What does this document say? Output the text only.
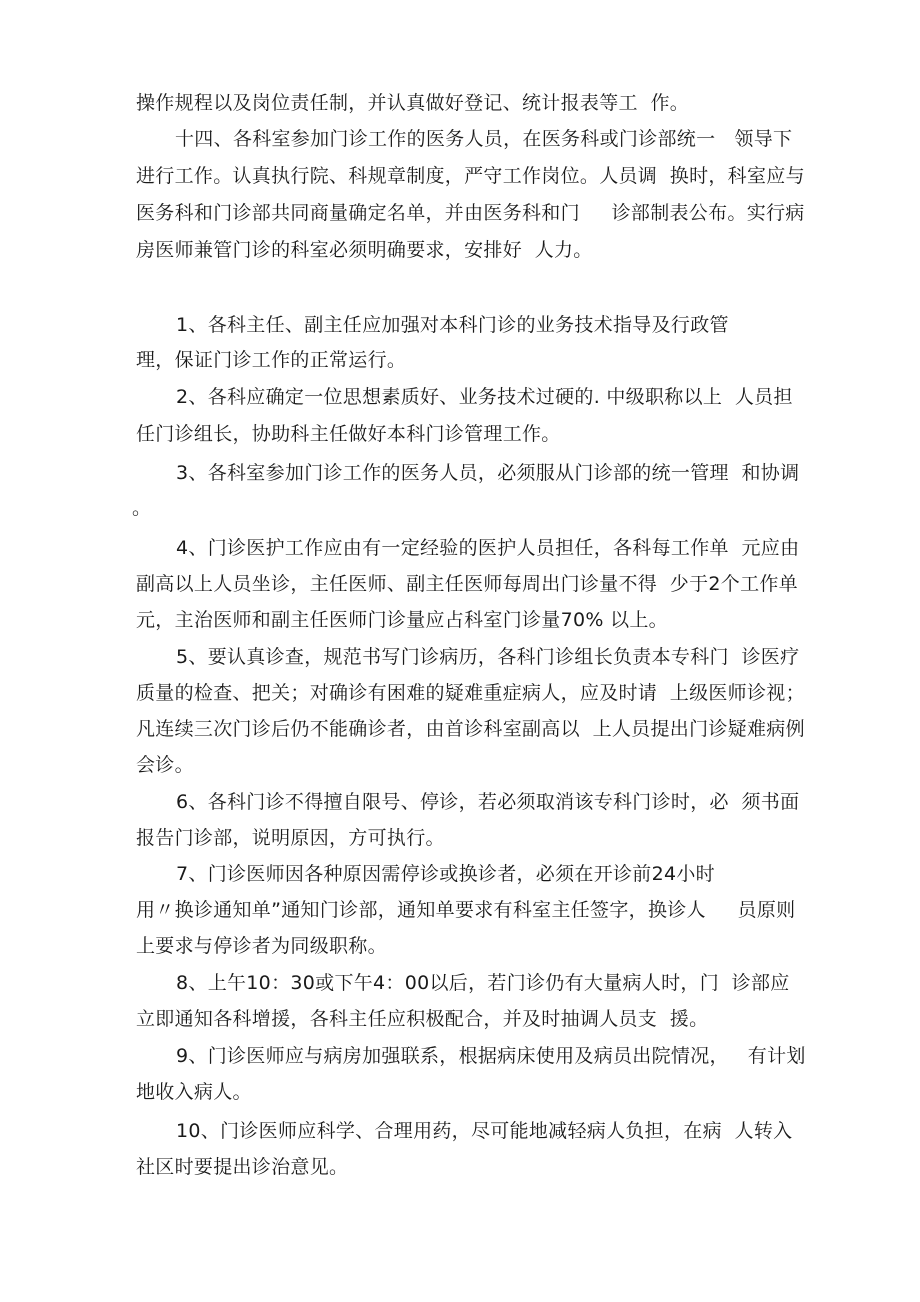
操作规程以及岗位责任制，并认真做好登记、统计报表等工  作。
十四、各科室参加门诊工作的医务人员，在医务科或门诊部统一   领导下
进行工作。认真执行院、科规章制度，严守工作岗位。人员调  换时，科室应与
医务科和门诊部共同商量确定名单，并由医务科和门     诊部制表公布。实行病
房医师兼管门诊的科室必须明确要求，安排好  人力。
1、各科主任、副主任应加强对本科门诊的业务技术指导及行政管
理，保证门诊工作的正常运行。
2、各科应确定一位思想素质好、业务技术过硬的. 中级职称以上  人员担
任门诊组长，协助科主任做好本科门诊管理工作。
3、各科室参加门诊工作的医务人员，必须服从门诊部的统一管理  和协调
。
4、门诊医护工作应由有一定经验的医护人员担任，各科每工作单  元应由
副高以上人员坐诊，主任医师、副主任医师每周出门诊量不得  少于2个工作单
元，主治医师和副主任医师门诊量应占科室门诊量70% 以上。
5、要认真诊查，规范书写门诊病历，各科门诊组长负责本专科门  诊医疗
质量的检查、把关；对确诊有困难的疑难重症病人，应及时请  上级医师诊视；
凡连续三次门诊后仍不能确诊者，由首诊科室副高以  上人员提出门诊疑难病例
会诊。
6、各科门诊不得擅自限号、停诊，若必须取消该专科门诊时，必  须书面
报告门诊部，说明原因，方可执行。
7、门诊医师因各种原因需停诊或换诊者，必须在开诊前24小时
用〃换诊通知单”通知门诊部，通知单要求有科室主任签字，换诊人     员原则
上要求与停诊者为同级职称。
8、上午10：30或下午4：00以后，若门诊仍有大量病人时，门  诊部应
立即通知各科增援，各科主任应积极配合，并及时抽调人员支  援。
9、门诊医师应与病房加强联系，根据病床使用及病员出院情况，   有计划
地收入病人。
10、门诊医师应科学、合理用药，尽可能地减轻病人负担，在病  人转入
社区时要提出诊治意见。
